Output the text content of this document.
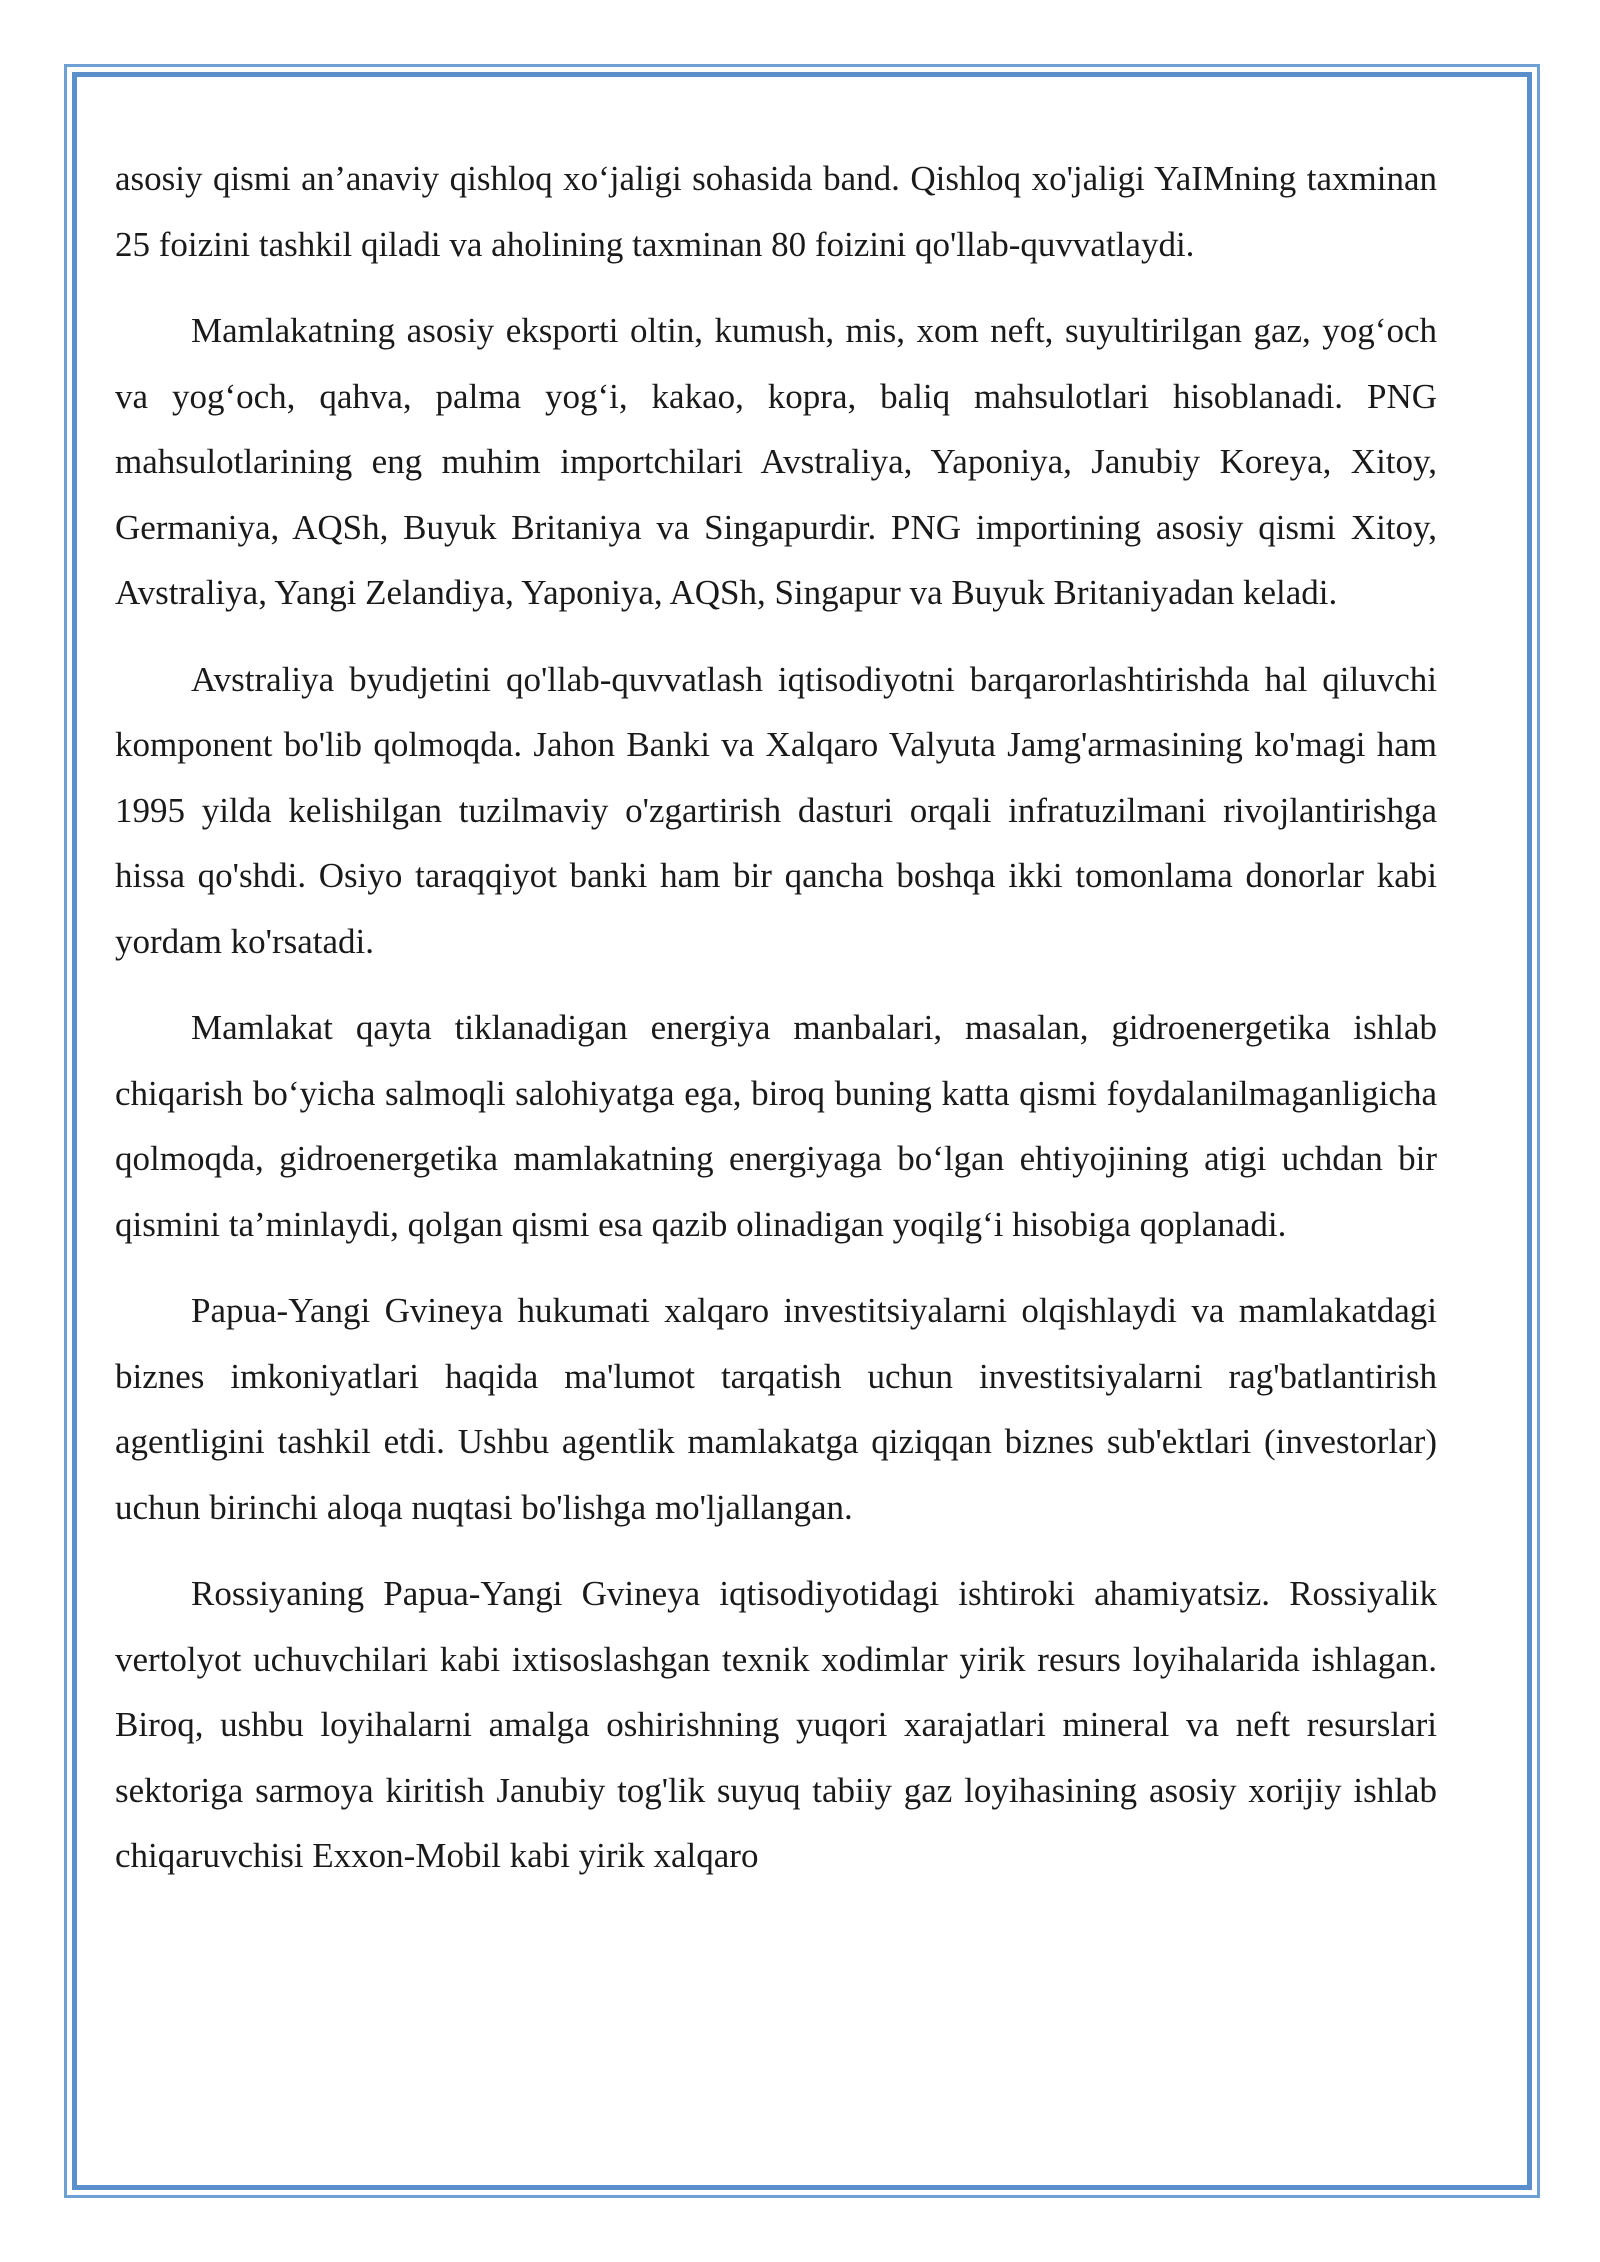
asosiy qismi an’anaviy qishloq xo‘jaligi sohasida band. Qishloq xo'jaligi YaIMning taxminan 25 foizini tashkil qiladi va aholining taxminan 80 foizini qo'llab-quvvatlaydi.

Mamlakatning asosiy eksporti oltin, kumush, mis, xom neft, suyultirilgan gaz, yog‘och va yog‘och, qahva, palma yog‘i, kakao, kopra, baliq mahsulotlari hisoblanadi. PNG mahsulotlarining eng muhim importchilari Avstraliya, Yaponiya, Janubiy Koreya, Xitoy, Germaniya, AQSh, Buyuk Britaniya va Singapurdir. PNG importining asosiy qismi Xitoy, Avstraliya, Yangi Zelandiya, Yaponiya, AQSh, Singapur va Buyuk Britaniyadan keladi.

Avstraliya byudjetini qo'llab-quvvatlash iqtisodiyotni barqarorlashtirishda hal qiluvchi komponent bo'lib qolmoqda. Jahon Banki va Xalqaro Valyuta Jamg'armasining ko'magi ham 1995 yilda kelishilgan tuzilmaviy o'zgartirish dasturi orqali infratuzilmani rivojlantirishga hissa qo'shdi. Osiyo taraqqiyot banki ham bir qancha boshqa ikki tomonlama donorlar kabi yordam ko'rsatadi.

Mamlakat qayta tiklanadigan energiya manbalari, masalan, gidroenergetika ishlab chiqarish bo‘yicha salmoqli salohiyatga ega, biroq buning katta qismi foydalanilmaganligicha qolmoqda, gidroenergetika mamlakatning energiyaga bo‘lgan ehtiyojining atigi uchdan bir qismini ta’minlaydi, qolgan qismi esa qazib olinadigan yoqilg‘i hisobiga qoplanadi.

Papua-Yangi Gvineya hukumati xalqaro investitsiyalarni olqishlaydi va mamlakatdagi biznes imkoniyatlari haqida ma'lumot tarqatish uchun investitsiyalarni rag'batlantirish agentligini tashkil etdi. Ushbu agentlik mamlakatga qiziqqan biznes sub'ektlari (investorlar) uchun birinchi aloqa nuqtasi bo'lishga mo'ljallangan.

Rossiyaning Papua-Yangi Gvineya iqtisodiyotidagi ishtiroki ahamiyatsiz. Rossiyalik vertolyot uchuvchilari kabi ixtisoslashgan texnik xodimlar yirik resurs loyihalarida ishlagan. Biroq, ushbu loyihalarni amalga oshirishning yuqori xarajatlari mineral va neft resurslari sektoriga sarmoya kiritish Janubiy tog'lik suyuq tabiiy gaz loyihasining asosiy xorijiy ishlab chiqaruvchisi Exxon-Mobil kabi yirik xalqaro
